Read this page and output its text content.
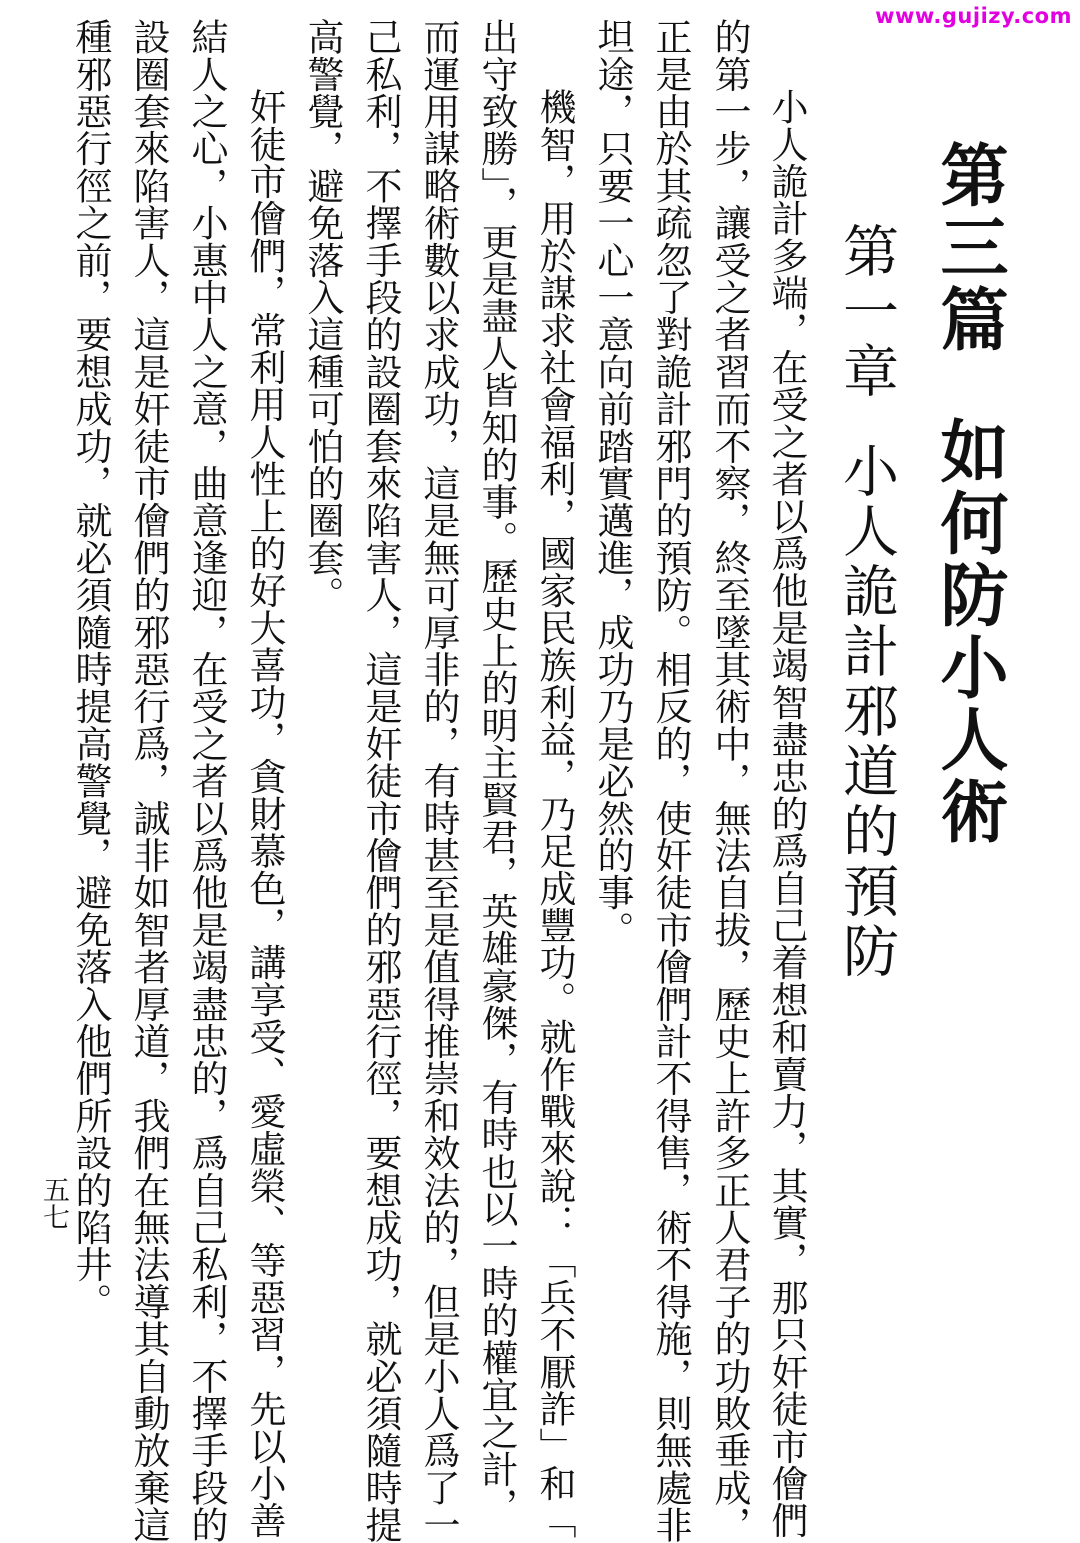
www.gujizy.com
第三篇如何防小人術
第一章小人詭計邪道的預防
小人詭計多端，在受之者以爲他是竭智盡忠的爲自己着想和賣力，其實，那只奸徒市儈們
的第一步，讓受之者習而不察，終至墜其術中，無法自拔，歷史上許多正人君子的功敗垂成，
正是由於其疏忽了對詭計邪門的預防。相反的，使奸徒市儈們計不得售，術不得施，則無處非
坦途，只要一心一意向前踏實邁進，成功乃是必然的事。
機智，用於謀求社會福利，國家民族利益，乃足成豐功。就作戰來說：「兵不厭詐」和「
出守致勝」，更是盡人皆知的事。歷史上的明主賢君，英雄豪傑，有時也以一時的權宜之計，
而運用謀略術數以求成功，這是無可厚非的，有時甚至是值得推崇和效法的，但是小人爲了一
己私利，不擇手段的設圈套來陷害人，這是奸徒市儈們的邪惡行徑，要想成功，就必須隨時提
高警覺，避免落入這種可怕的圈套。
奸徒市儈們，常利用人性上的好大喜功，貪財慕色，講享受、愛虛榮、等惡習，先以小善
結人之心，小惠中人之意，曲意逢迎，在受之者以爲他是竭盡忠的，爲自己私利，不擇手段的
設圈套來陷害人，這是奸徒市儈們的邪惡行爲，誠非如智者厚道，我們在無法導其自動放棄這
種邪惡行徑之前，要想成功，就必須隨時提高警覺，避免落入他們所設的陷井。
五七
